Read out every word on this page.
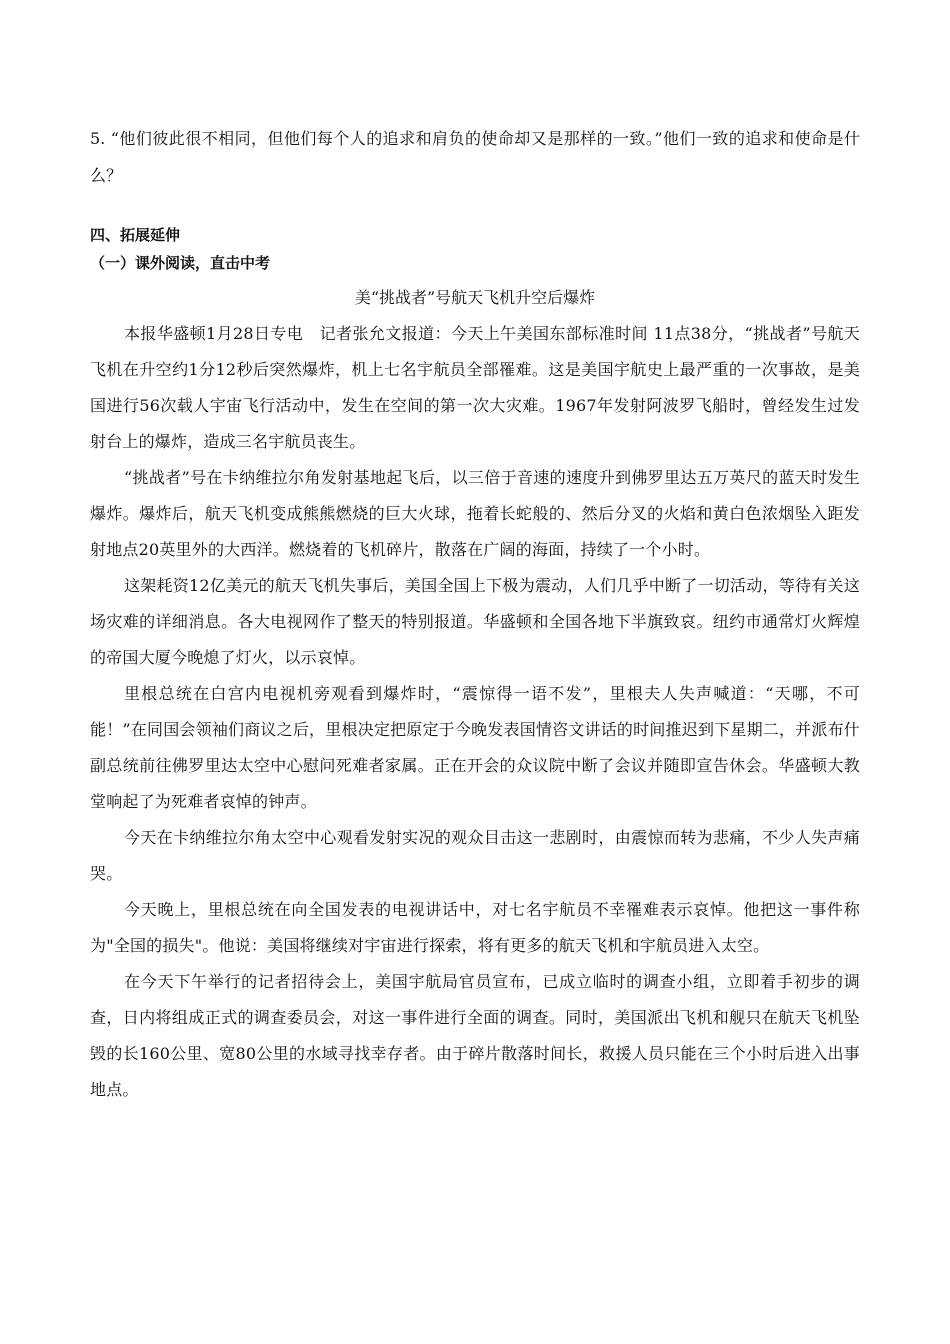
5. “他们彼此很不相同，但他们每个人的追求和肩负的使命却又是那样的一致。”他们一致的追求和使命是什么？

四、拓展延伸

（一）课外阅读，直击中考

美“挑战者”号航天飞机升空后爆炸

本报华盛顿1月28日专电　记者张允文报道：今天上午美国东部标准时间 11点38分，“挑战者”号航天飞机在升空约1分12秒后突然爆炸，机上七名宇航员全部罹难。这是美国宇航史上最严重的一次事故，是美国进行56次载人宇宙飞行活动中，发生在空间的第一次大灾难。1967年发射阿波罗飞船时，曾经发生过发射台上的爆炸，造成三名宇航员丧生。

“挑战者”号在卡纳维拉尔角发射基地起飞后，以三倍于音速的速度升到佛罗里达五万英尺的蓝天时发生爆炸。爆炸后，航天飞机变成熊熊燃烧的巨大火球，拖着长蛇般的、然后分叉的火焰和黄白色浓烟坠入距发射地点20英里外的大西洋。燃烧着的飞机碎片，散落在广阔的海面，持续了一个小时。

这架耗资12亿美元的航天飞机失事后，美国全国上下极为震动，人们几乎中断了一切活动，等待有关这场灾难的详细消息。各大电视网作了整天的特别报道。华盛顿和全国各地下半旗致哀。纽约市通常灯火辉煌的帝国大厦今晚熄了灯火，以示哀悼。

里根总统在白宫内电视机旁观看到爆炸时，“震惊得一语不发”，里根夫人失声喊道：“天哪，不可能！”在同国会领袖们商议之后，里根决定把原定于今晚发表国情咨文讲话的时间推迟到下星期二，并派布什副总统前往佛罗里达太空中心慰问死难者家属。正在开会的众议院中断了会议并随即宣告休会。华盛顿大教堂响起了为死难者哀悼的钟声。

今天在卡纳维拉尔角太空中心观看发射实况的观众目击这一悲剧时，由震惊而转为悲痛，不少人失声痛哭。

今天晚上，里根总统在向全国发表的电视讲话中，对七名宇航员不幸罹难表示哀悼。他把这一事件称为"全国的损失"。他说：美国将继续对宇宙进行探索，将有更多的航天飞机和宇航员进入太空。

在今天下午举行的记者招待会上，美国宇航局官员宣布，已成立临时的调查小组，立即着手初步的调查，日内将组成正式的调查委员会，对这一事件进行全面的调查。同时，美国派出飞机和舰只在航天飞机坠毁的长160公里、宽80公里的水域寻找幸存者。由于碎片散落时间长，救援人员只能在三个小时后进入出事地点。
